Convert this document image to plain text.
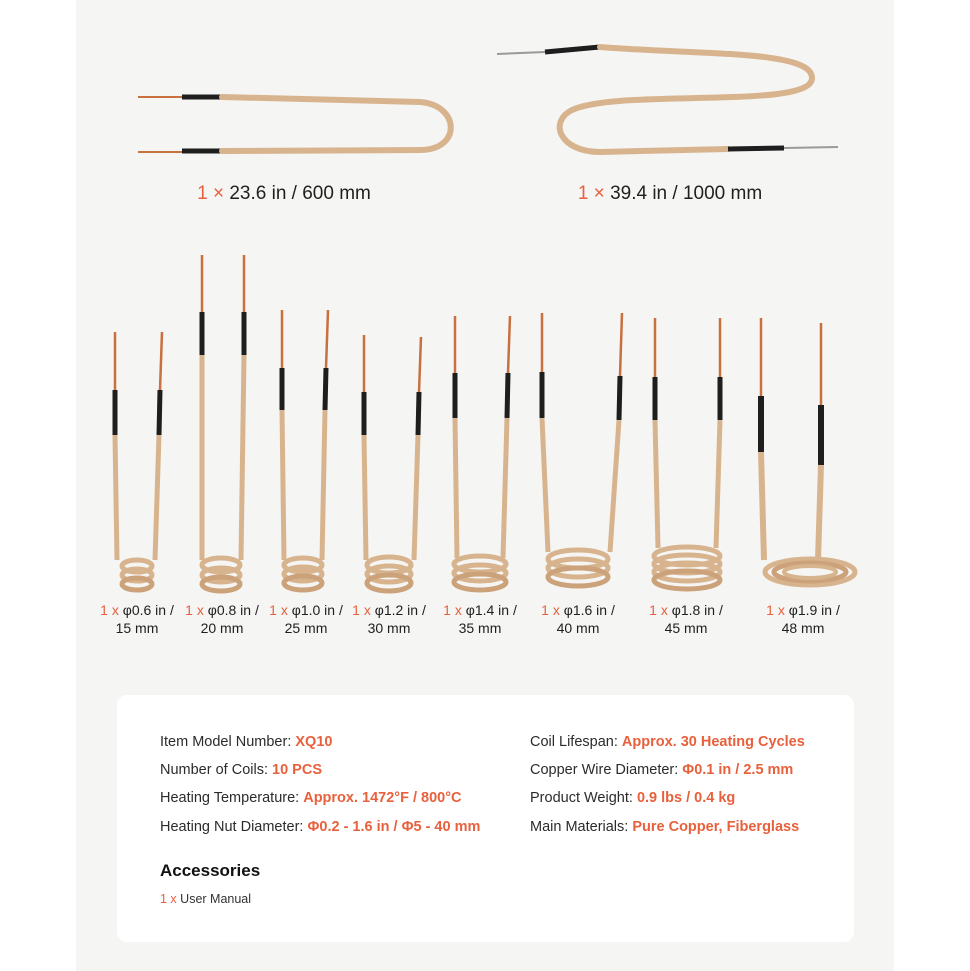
1 × 23.6 in / 600 mm	1 × 39.4 in / 1000 mm
1 x φ0.6 in /
15 mm
1 x φ0.8 in /
20 mm
1 x φ1.0 in /
25 mm
1 x φ1.2 in /
30 mm
1 x φ1.4 in /
35 mm
1 x φ1.6 in /
40 mm
1 x φ1.8 in /
45 mm
1 x φ1.9 in /
48 mm
Item Model Number: XQ10
Number of Coils: 10 PCS
Heating Temperature: Approx. 1472°F / 800°C
Heating Nut Diameter: Φ0.2 - 1.6 in / Φ5 - 40 mm
Coil Lifespan: Approx. 30 Heating Cycles
Copper Wire Diameter: Φ0.1 in / 2.5 mm
Product Weight: 0.9 lbs / 0.4 kg
Main Materials: Pure Copper, Fiberglass
Accessories
1 x User Manual
